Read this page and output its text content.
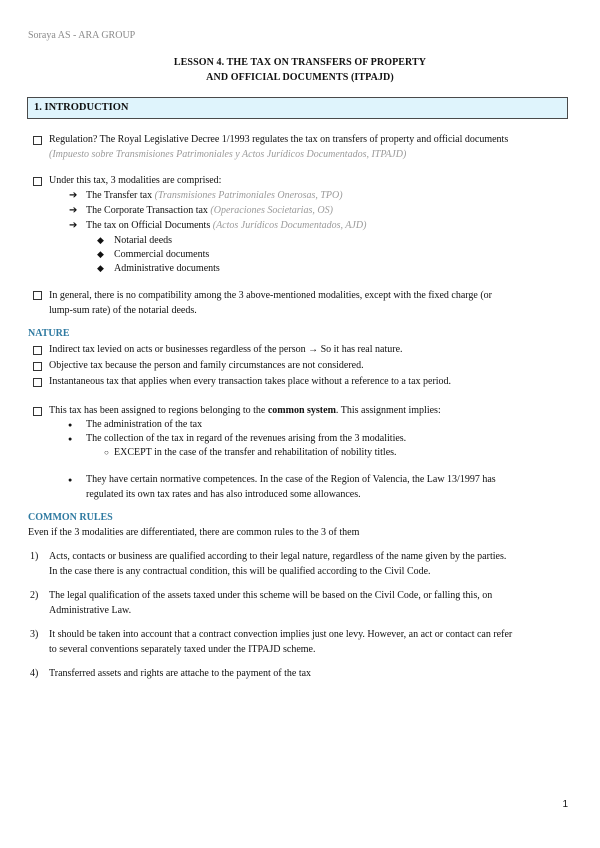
Soraya AS - ARA GROUP
LESSON 4. THE TAX ON TRANSFERS OF PROPERTY
AND OFFICIAL DOCUMENTS (ITPAJD)
1. INTRODUCTION
Regulation? The Royal Legislative Decree 1/1993 regulates the tax on transfers of property and official documents
(Impuesto sobre Transmisiones Patrimoniales y Actos Jurídicos Documentados, ITPAJD)
Under this tax, 3 modalities are comprised:
➔ The Transfer tax (Transmisiones Patrimoniales Onerosas, TPO)
➔ The Corporate Transaction tax (Operaciones Societarias, OS)
➔ The tax on Official Documents (Actos Jurídicos Documentados, AJD)
◆ Notarial deeds
◆ Commercial documents
◆ Administrative documents
In general, there is no compatibility among the 3 above-mentioned modalities, except with the fixed charge (or
lump-sum rate) of the notarial deeds.
NATURE
Indirect tax levied on acts or businesses regardless of the person → So it has real nature.
Objective tax because the person and family circumstances are not considered.
Instantaneous tax that applies when every transaction takes place without a reference to a tax period.
This tax has been assigned to regions belonging to the common system. This assignment implies:
● The administration of the tax
● The collection of the tax in regard of the revenues arising from the 3 modalities.
○ EXCEPT in the case of the transfer and rehabilitation of nobility titles.
● They have certain normative competences. In the case of the Region of Valencia, the Law 13/1997 has
regulated its own tax rates and has also introduced some allowances.
COMMON RULES
Even if the 3 modalities are differentiated, there are common rules to the 3 of them
1) Acts, contacts or business are qualified according to their legal nature, regardless of the name given by the parties.
In the case there is any contractual condition, this will be qualified according to the Civil Code.
2) The legal qualification of the assets taxed under this scheme will be based on the Civil Code, or falling this, on
Administrative Law.
3) It should be taken into account that a contract convection implies just one levy. However, an act or contact can refer
to several conventions separately taxed under the ITPAJD scheme.
4) Transferred assets and rights are attache to the payment of the tax
1
